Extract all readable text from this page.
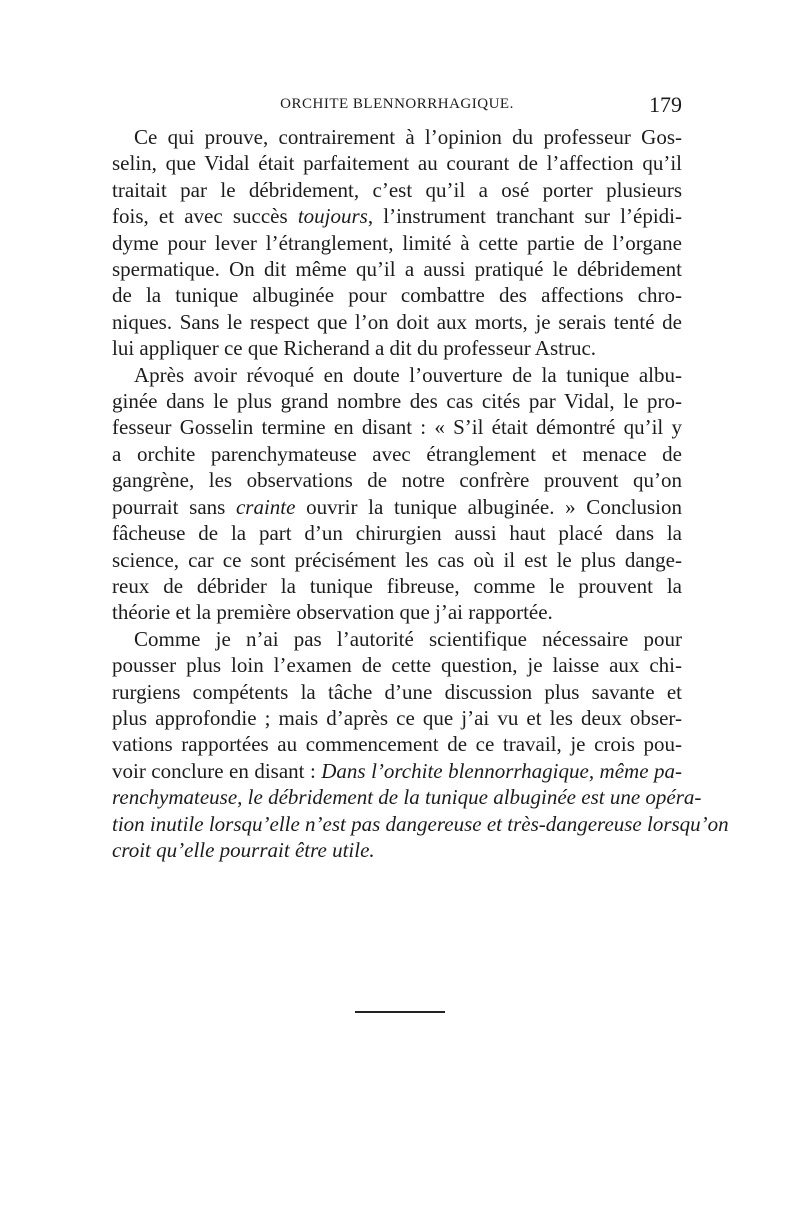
ORCHITE BLENNORRHAGIQUE.	179
Ce qui prouve, contrairement à l’opinion du professeur Gos-
selin, que Vidal était parfaitement au courant de l’affection qu’il
traitait par le débridement, c’est qu’il a osé porter plusieurs
fois, et avec succès toujours, l’instrument tranchant sur l’épidi-
dyme pour lever l’étranglement, limité à cette partie de l’organe
spermatique. On dit même qu’il a aussi pratiqué le débridement
de la tunique albuginée pour combattre des affections chro-
niques. Sans le respect que l’on doit aux morts, je serais tenté de
lui appliquer ce que Richerand a dit du professeur Astruc.
Après avoir révoqué en doute l’ouverture de la tunique albu-
ginée dans le plus grand nombre des cas cités par Vidal, le pro-
fesseur Gosselin termine en disant : « S’il était démontré qu’il y
a orchite parenchymateuse avec étranglement et menace de
gangrène, les observations de notre confrère prouvent qu’on
pourrait sans crainte ouvrir la tunique albuginée. » Conclusion
fâcheuse de la part d’un chirurgien aussi haut placé dans la
science, car ce sont précisément les cas où il est le plus dange-
reux de débrider la tunique fibreuse, comme le prouvent la
théorie et la première observation que j’ai rapportée.
Comme je n’ai pas l’autorité scientifique nécessaire pour
pousser plus loin l’examen de cette question, je laisse aux chi-
rurgiens compétents la tâche d’une discussion plus savante et
plus approfondie ; mais d’après ce que j’ai vu et les deux obser-
vations rapportées au commencement de ce travail, je crois pou-
voir conclure en disant : Dans l’orchite blennorrhagique, même pa-
renchymateuse, le débridement de la tunique albuginée est une opéra-
tion inutile lorsqu’elle n’est pas dangereuse et très-dangereuse lorsqu’on
croit qu’elle pourrait être utile.
